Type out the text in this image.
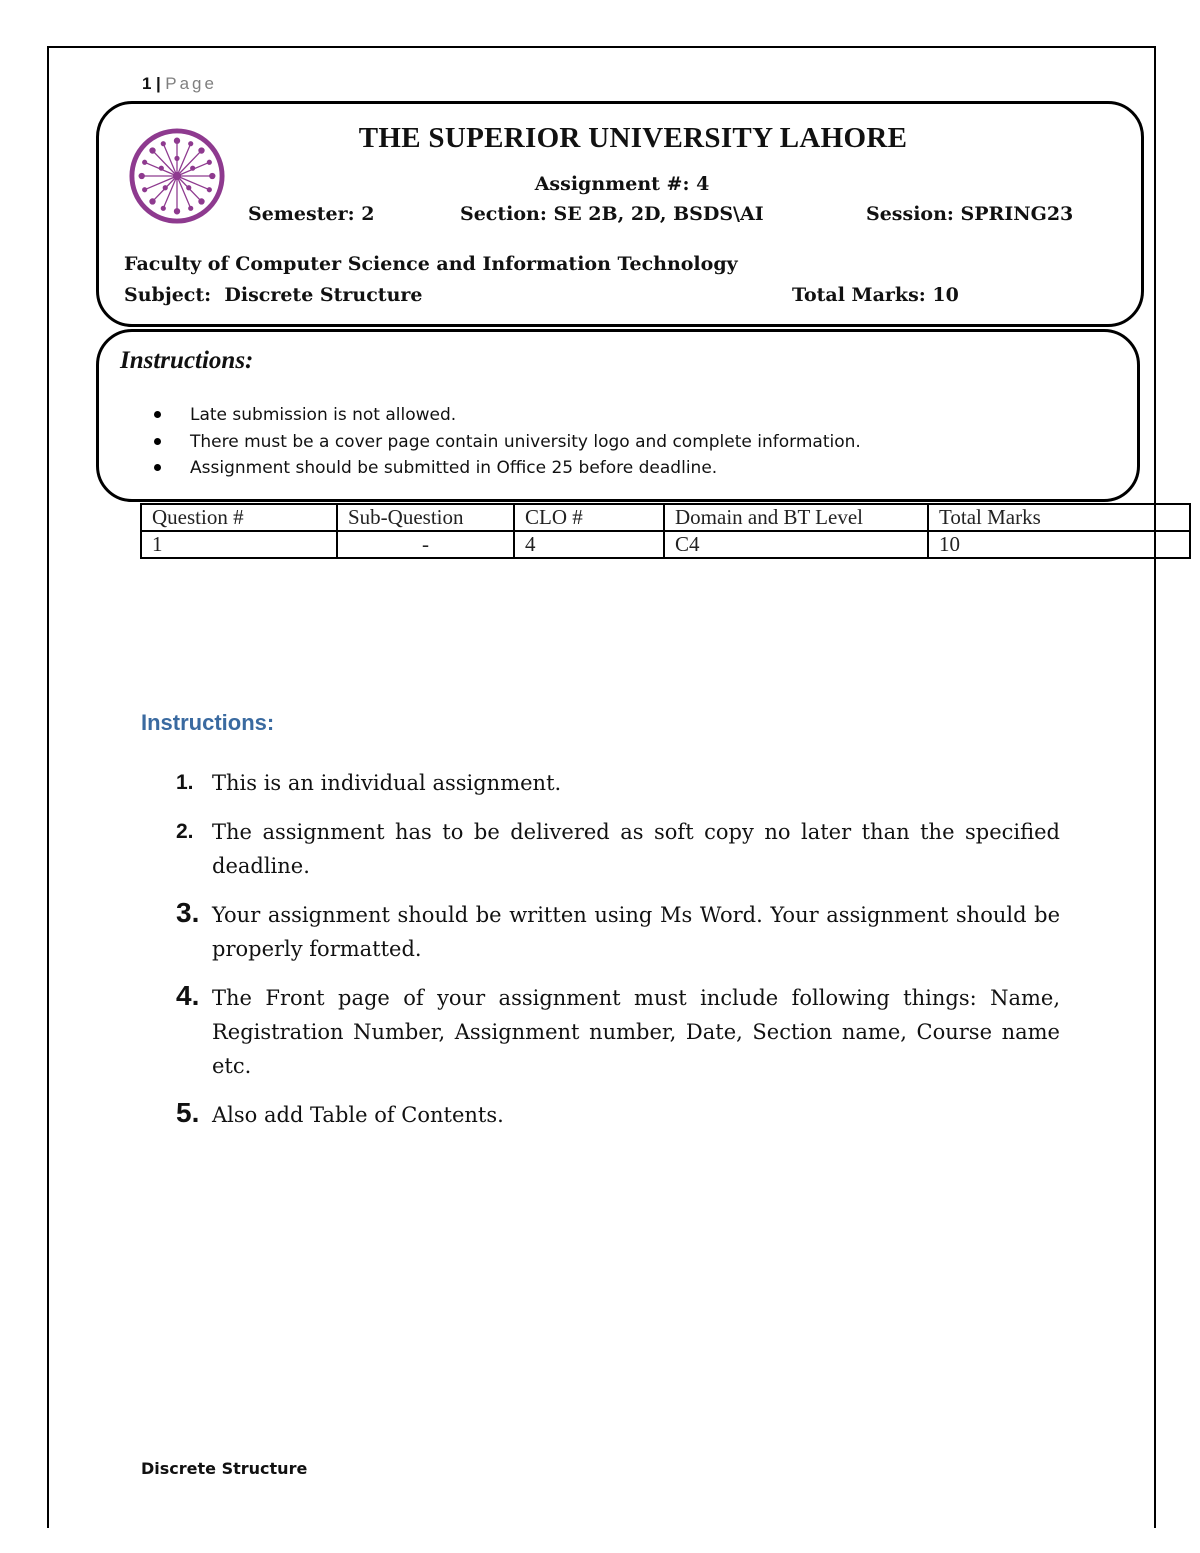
1 | Page
THE SUPERIOR UNIVERSITY LAHORE
Assignment #: 4
Semester: 2	Section: SE 2B, 2D, BSDS\AI	Session: SPRING23
Faculty of Computer Science and Information Technology
Subject:  Discrete Structure	Total Marks: 10
Instructions:
Late submission is not allowed.
There must be a cover page contain university logo and complete information.
Assignment should be submitted in Office 25 before deadline.
Question #	Sub-Question	CLO #	Domain and BT Level	Total Marks
1	-	4	C4	10
Instructions:
1. This is an individual assignment.
2. The assignment has to be delivered as soft copy no later than the specified deadline.
3. Your assignment should be written using Ms Word. Your assignment should be properly formatted.
4. The Front page of your assignment must include following things: Name, Registration Number, Assignment number, Date, Section name, Course name etc.
5. Also add Table of Contents.
Discrete Structure
